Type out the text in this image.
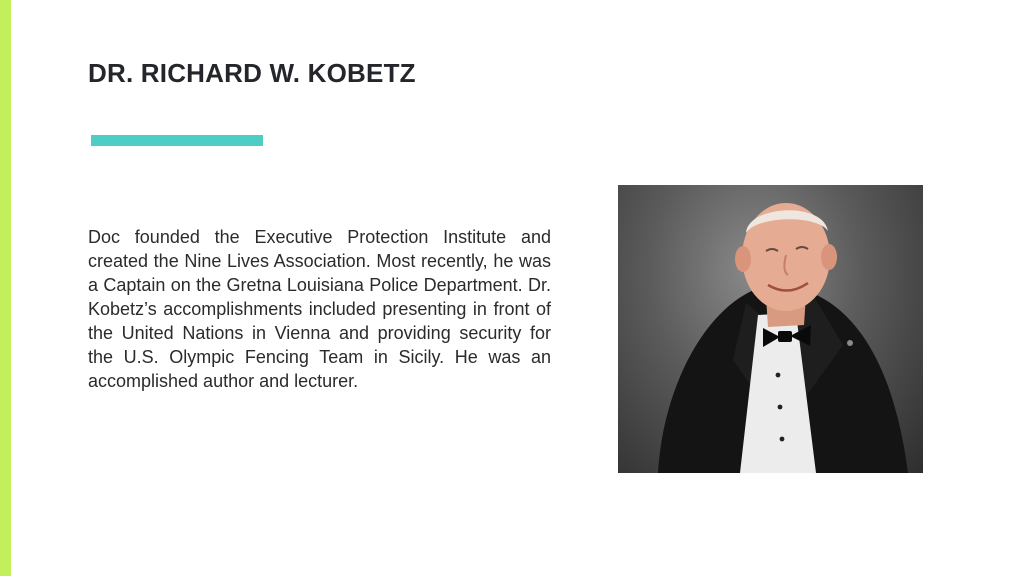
DR. RICHARD W. KOBETZ

Doc founded the Executive Protection Institute and created the Nine Lives Association. Most recently, he was a Captain on the Gretna Louisiana Police Department. Dr. Kobetz’s accomplishments included presenting in front of the United Nations in Vienna and providing security for the U.S. Olympic Fencing Team in Sicily. He was an accomplished author and lecturer.
